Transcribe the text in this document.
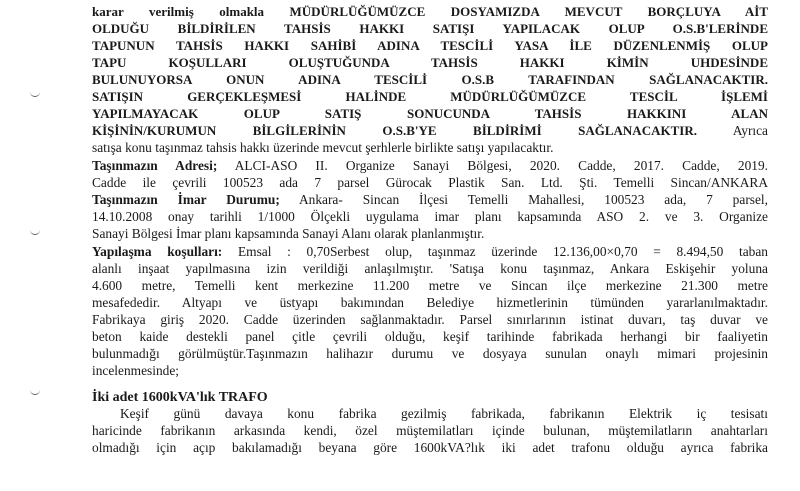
karar verilmiş olmakla MÜDÜRLÜĞÜMÜZCE DOSYAMIZDA MEVCUT BORÇLUYA AİT

OLDUĞU BİLDİRİLEN TAHSİS HAKKI SATIŞI YAPILACAK OLUP O.S.B'LERİNDE

TAPUNUN TAHSİS HAKKI SAHİBİ ADINA TESCİLİ YASA İLE DÜZENLENMİŞ OLUP

TAPU KOŞULLARI OLUŞTUĞUNDA TAHSİS HAKKI KİMİN UHDESİNDE

BULUNUYORSA ONUN ADINA TESCİLİ O.S.B TARAFINDAN SAĞLANACAKTIR.

SATIŞIN GERÇEKLEŞMESİ HALİNDE MÜDÜRLÜĞÜMÜZCE TESCİL İŞLEMİ

YAPILMAYACAK OLUP SATIŞ SONUCUNDA TAHSİS HAKKINI ALAN

KİŞİNİN/KURUMUN BİLGİLERİNİN O.S.B'YE BİLDİRİMİ SAĞLANACAKTIR. Ayrıca

satışa konu taşınmaz tahsis hakkı üzerinde mevcut şerhlerle birlikte satışı yapılacaktır.

Taşınmazın Adresi; ALCI-ASO II. Organize Sanayi Bölgesi, 2020. Cadde, 2017. Cadde, 2019.

Cadde ile çevrili 100523 ada 7 parsel Gürocak Plastik San. Ltd. Şti. Temelli Sincan/ANKARA

Taşınmazın İmar Durumu; Ankara- Sincan İlçesi Temelli Mahallesi, 100523 ada, 7 parsel,

14.10.2008 onay tarihli 1/1000 Ölçekli uygulama imar planı kapsamında ASO 2. ve 3. Organize

Sanayi Bölgesi İmar planı kapsamında Sanayi Alanı olarak planlanmıştır.

Yapılaşma koşulları: Emsal : 0,70Serbest olup, taşınmaz üzerinde 12.136,00×0,70 = 8.494,50 taban

alanlı inşaat yapılmasına izin verildiği anlaşılmıştır. 'Satışa konu taşınmaz, Ankara Eskişehir yoluna

4.600 metre, Temelli kent merkezine 11.200 metre ve Sincan ilçe merkezine 21.300 metre

mesafededir. Altyapı ve üstyapı bakımından Belediye hizmetlerinin tümünden yararlanılmaktadır.

Fabrikaya giriş 2020. Cadde üzerinden sağlanmaktadır. Parsel sınırlarının istinat duvarı, taş duvar ve

beton kaide destekli panel çitle çevrili olduğu, keşif tarihinde fabrikada herhangi bir faaliyetin

bulunmadığı görülmüştür.Taşınmazın halihazır durumu ve dosyaya sunulan onaylı mimari projesinin

incelenmesinde;

İki adet 1600kVA'lık TRAFO

Keşif günü davaya konu fabrika gezilmiş fabrikada, fabrikanın Elektrik iç tesisatı

haricinde fabrikanın arkasında kendi, özel müştemilatları içinde bulunan, müştemilatların anahtarları

olmadığı için açıp bakılamadığı beyana göre 1600kVA?lık iki adet trafonu olduğu ayrıca fabrika
